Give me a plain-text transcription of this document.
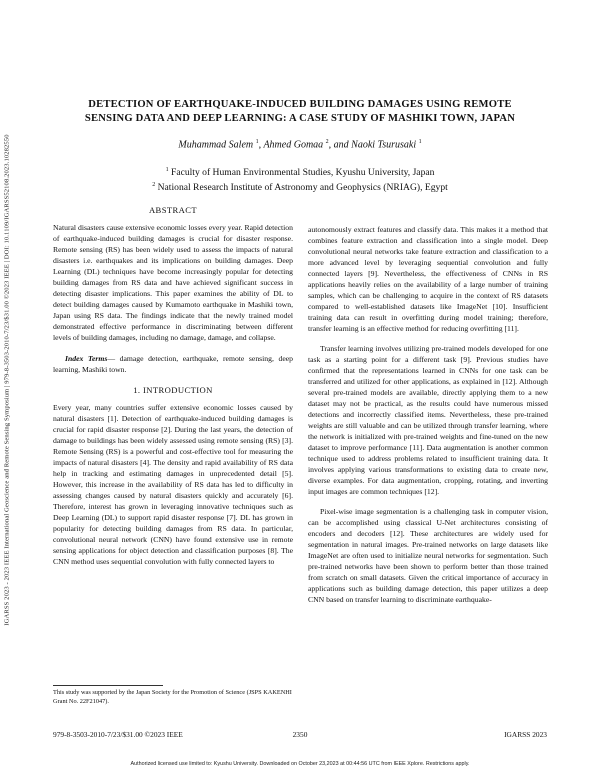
IGARSS 2023 - 2023 IEEE International Geoscience and Remote Sensing Symposium | 979-8-3503-2010-7/23/$31.00 ©2023 IEEE | DOI: 10.1109/IGARSS52108.2023.10282550
DETECTION OF EARTHQUAKE-INDUCED BUILDING DAMAGES USING REMOTE
SENSING DATA AND DEEP LEARNING: A CASE STUDY OF MASHIKI TOWN, JAPAN
Muhammad Salem $^1$, Ahmed Gomaa $^2$, and Naoki Tsurusaki $^1$
$^1$ Faculty of Human Environmental Studies, Kyushu University, Japan
$^2$ National Research Institute of Astronomy and Geophysics (NRIAG), Egypt
ABSTRACT

Natural disasters cause extensive economic losses every year. Rapid detection of earthquake-induced building damages is crucial for disaster response. Remote sensing (RS) has been widely used to assess the impacts of natural disasters i.e. earthquakes and its implications on building damages. Deep Learning (DL) techniques have become increasingly popular for detecting building damages from RS data and have achieved significant success in detecting disaster implications. This paper examines the ability of DL to detect building damages caused by Kumamoto earthquake in Mashiki town, Japan using RS data. The findings indicate that the newly trained model demonstrated effective performance in discriminating between different levels of building damages, including no damage, damage, and collapse.

Index Terms— damage detection, earthquake, remote sensing, deep learning, Mashiki town.

1. INTRODUCTION

Every year, many countries suffer extensive economic losses caused by natural disasters [1]. Detection of earthquake-induced building damages is crucial for rapid disaster response [2]. During the last years, the detection of damage to buildings has been widely assessed using remote sensing (RS) [3]. Remote Sensing (RS) is a powerful and cost-effective tool for measuring the impacts of natural disasters [4]. The density and rapid availability of RS data help in tracking and estimating damages in unprecedented detail [5]. However, this increase in the availability of RS data has led to difficulty in assessing changes caused by natural disasters quickly and accurately [6]. Therefore, interest has grown in leveraging innovative techniques such as Deep Learning (DL) to support rapid disaster response [7]. DL has grown in popularity for detecting building damages from RS data. In particular, convolutional neural network (CNN) have found extensive use in remote sensing applications for object detection and classification purposes [8]. The CNN method uses sequential convolution with fully connected layers to

autonomously extract features and classify data. This makes it a method that combines feature extraction and classification into a single model. Deep convolutional neural networks take feature extraction and classification to a more advanced level by leveraging sequential convolution and fully connected layers [9]. Nevertheless, the effectiveness of CNNs in RS applications heavily relies on the availability of a large number of training samples, which can be challenging to acquire in the context of RS datasets compared to well-established datasets like ImageNet [10]. Insufficient training data can result in overfitting during model training; therefore, transfer learning is an effective method for reducing overfitting [11].

Transfer learning involves utilizing pre-trained models developed for one task as a starting point for a different task [9]. Previous studies have confirmed that the representations learned in CNNs for one task can be transferred and utilized for other applications, as explained in [12]. Although several pre-trained models are available, directly applying them to a new dataset may not be practical, as the results could have numerous missed detections and incorrectly classified items. Nevertheless, these pre-trained weights are still valuable and can be utilized through transfer learning, where the network is initialized with pre-trained weights and fine-tuned on the new dataset to improve performance [11]. Data augmentation is another common technique used to address problems related to insufficient training data. It involves applying various transformations to existing data to create new, diverse examples. For data augmentation, cropping, rotating, and inverting input images are common techniques [12].

Pixel-wise image segmentation is a challenging task in computer vision, can be accomplished using classical U-Net architectures consisting of encoders and decoders [12]. These architectures are widely used for segmentation in natural images. Pre-trained networks on large datasets like ImageNet are often used to initialize neural networks for segmentation. Such pre-trained networks have been shown to perform better than those trained from scratch on small datasets. Given the critical importance of accuracy in applications such as building damage detection, this paper utilizes a deep CNN based on transfer learning to discriminate earthquake-

This study was supported by the Japan Society for the Promotion of Science (JSPS KAKENHI Grant No. 22F21047).
979-8-3503-2010-7/23/$31.00 ©2023 IEEE	2350	IGARSS 2023
Authorized licensed use limited to: Kyushu University. Downloaded on October 23,2023 at 00:44:56 UTC from IEEE Xplore. Restrictions apply.
